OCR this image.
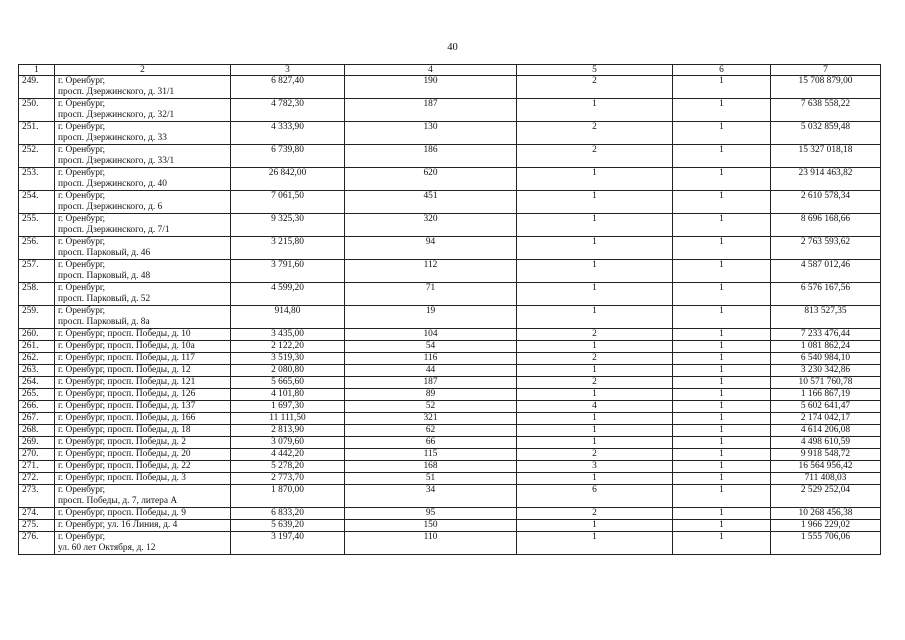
40
1	2	3	4	5	6	7
249.	г. Оренбург,
просп. Дзержинского, д. 31/1	6 827,40	190	2	1	15 708 879,00
250.	г. Оренбург,
просп. Дзержинского, д. 32/1	4 782,30	187	1	1	7 638 558,22
251.	г. Оренбург,
просп. Дзержинского, д. 33	4 333,90	130	2	1	5 032 859,48
252.	г. Оренбург,
просп. Дзержинского, д. 33/1	6 739,80	186	2	1	15 327 018,18
253.	г. Оренбург,
просп. Дзержинского, д. 40	26 842,00	620	1	1	23 914 463,82
254.	г. Оренбург,
просп. Дзержинского, д. 6	7 061,50	451	1	1	2 610 578,34
255.	г. Оренбург,
просп. Дзержинского, д. 7/1	9 325,30	320	1	1	8 696 168,66
256.	г. Оренбург,
просп. Парковый, д. 46	3 215,80	94	1	1	2 763 593,62
257.	г. Оренбург,
просп. Парковый, д. 48	3 791,60	112	1	1	4 587 012,46
258.	г. Оренбург,
просп. Парковый, д. 52	4 599,20	71	1	1	6 576 167,56
259.	г. Оренбург,
просп. Парковый, д. 8а	914,80	19	1	1	813 527,35
260.	г. Оренбург, просп. Победы, д. 10	3 435,00	104	2	1	7 233 476,44
261.	г. Оренбург, просп. Победы, д. 10а	2 122,20	54	1	1	1 081 862,24
262.	г. Оренбург, просп. Победы, д. 117	3 519,30	116	2	1	6 540 984,10
263.	г. Оренбург, просп. Победы, д. 12	2 080,80	44	1	1	3 230 342,86
264.	г. Оренбург, просп. Победы, д. 121	5 665,60	187	2	1	10 571 760,78
265.	г. Оренбург, просп. Победы, д. 126	4 101,80	89	1	1	1 166 867,19
266.	г. Оренбург, просп. Победы, д. 137	1 697,30	52	4	1	5 602 641,47
267.	г. Оренбург, просп. Победы, д. 166	11 111,50	321	1	1	2 174 042,17
268.	г. Оренбург, просп. Победы, д. 18	2 813,90	62	1	1	4 614 206,08
269.	г. Оренбург, просп. Победы, д. 2	3 079,60	66	1	1	4 498 610,59
270.	г. Оренбург, просп. Победы, д. 20	4 442,20	115	2	1	9 918 548,72
271.	г. Оренбург, просп. Победы, д. 22	5 278,20	168	3	1	16 564 956,42
272.	г. Оренбург, просп. Победы, д. 3	2 773,70	51	1	1	711 408,03
273.	г. Оренбург,
просп. Победы, д. 7, литера А	1 870,00	34	6	1	2 529 252,04
274.	г. Оренбург, просп. Победы, д. 9	6 833,20	95	2	1	10 268 456,38
275.	г. Оренбург, ул. 16 Линия, д. 4	5 639,20	150	1	1	1 966 229,02
276.	г. Оренбург,
ул. 60 лет Октября, д. 12	3 197,40	110	1	1	1 555 706,06
